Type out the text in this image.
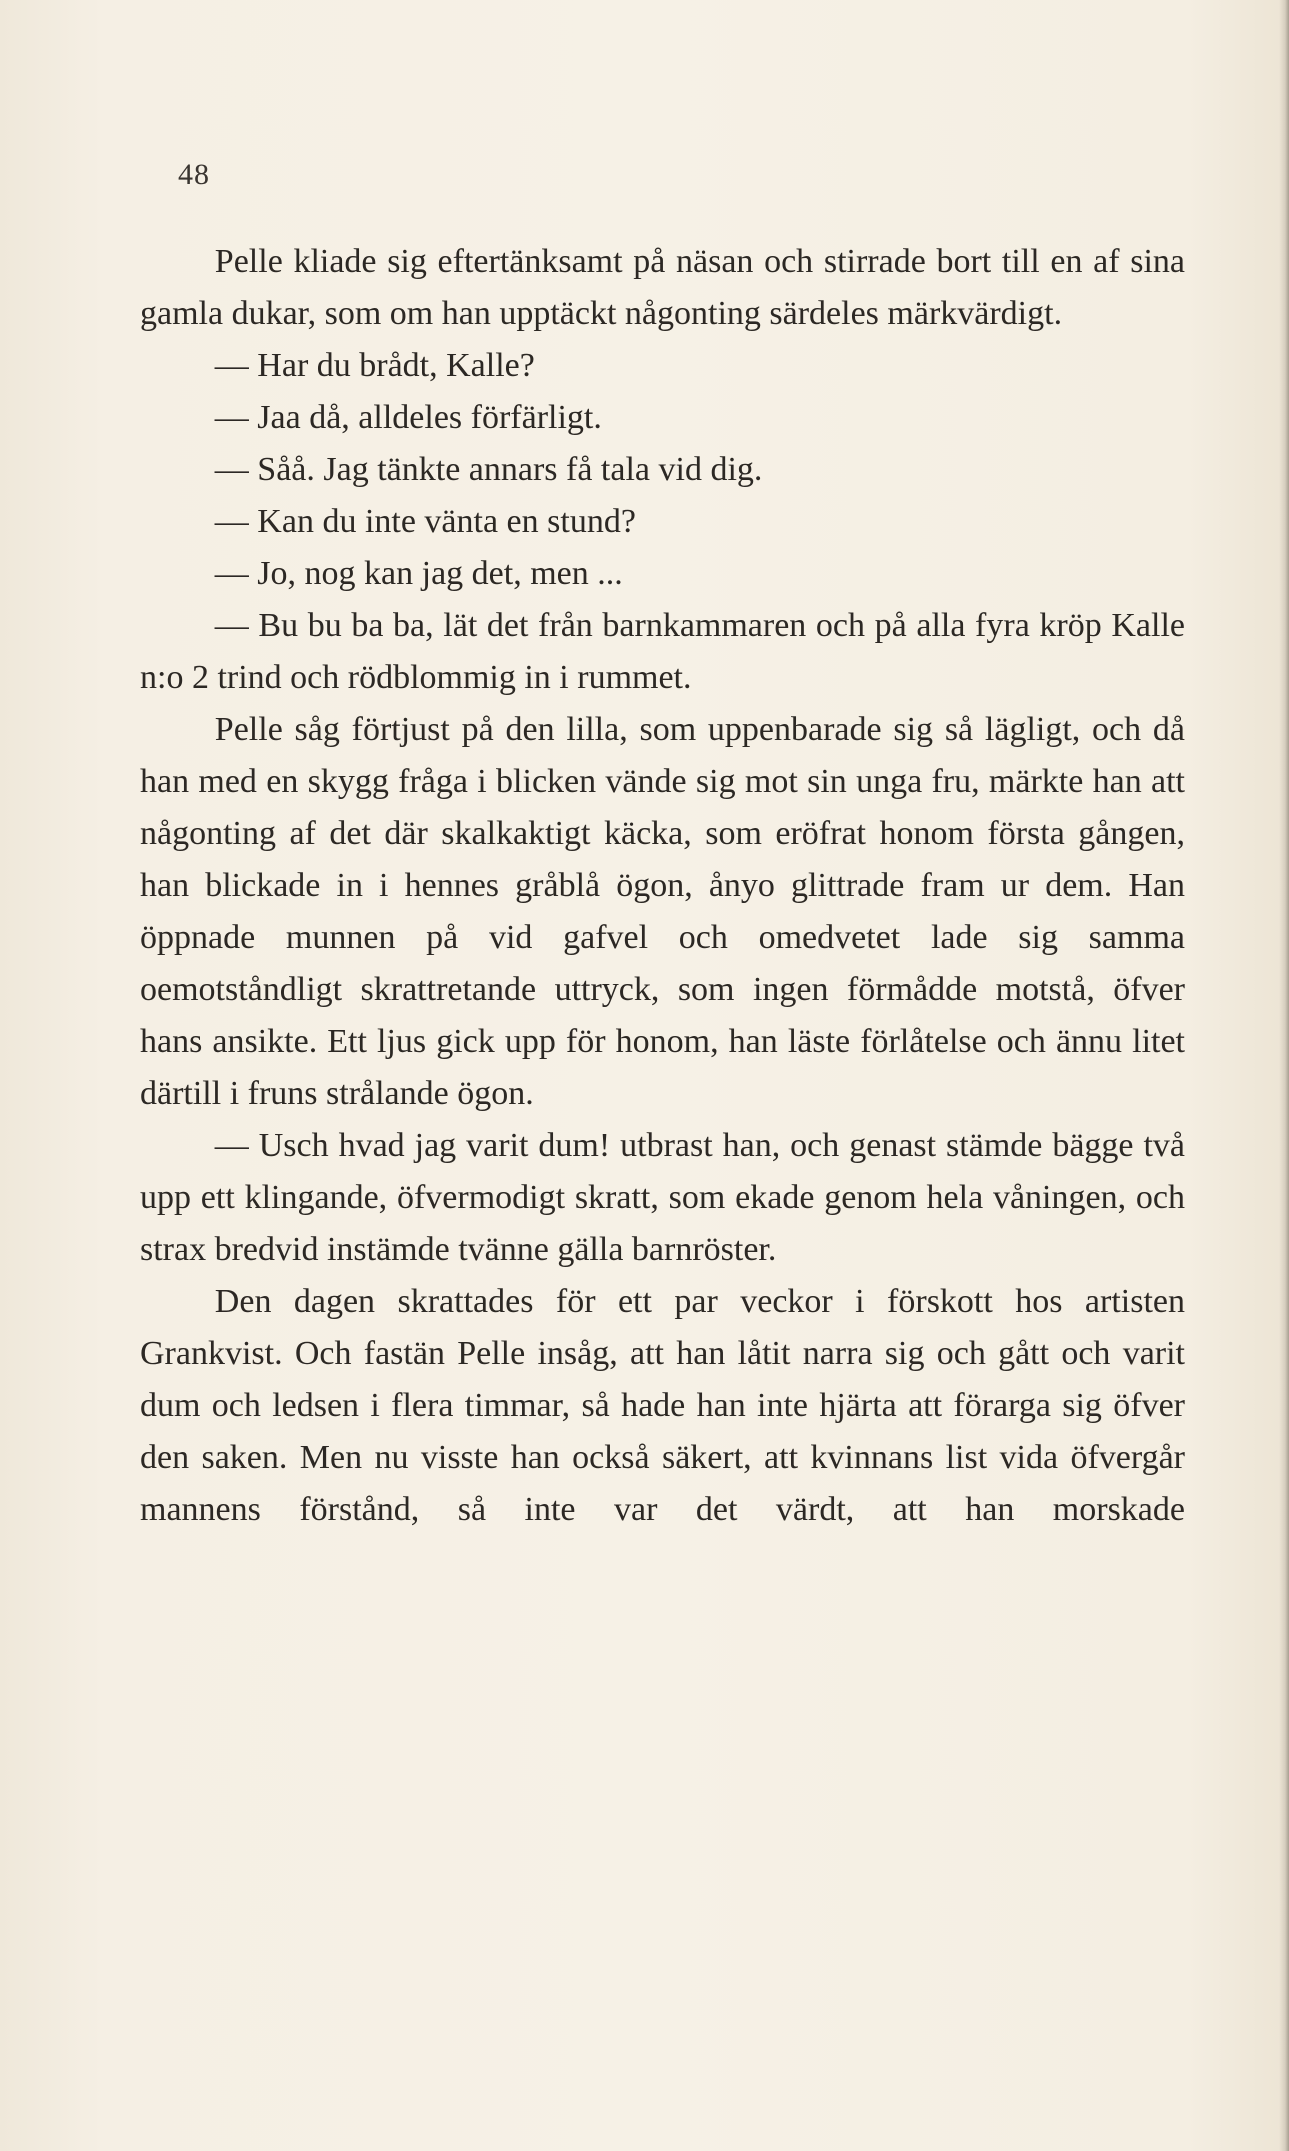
48

Pelle kliade sig eftertänksamt på näsan och stirrade bort till en af sina gamla dukar, som om han upptäckt någonting särdeles märkvärdigt.

— Har du brådt, Kalle?

— Jaa då, alldeles förfärligt.

— Såå. Jag tänkte annars få tala vid dig.

— Kan du inte vänta en stund?

— Jo, nog kan jag det, men ...

— Bu bu ba ba, lät det från barnkammaren och på alla fyra kröp Kalle n:o 2 trind och rödblommig in i rummet.

Pelle såg förtjust på den lilla, som uppenbarade sig så lägligt, och då han med en skygg fråga i blicken vände sig mot sin unga fru, märkte han att någonting af det där skalkaktigt käcka, som eröfrat honom första gången, han blickade in i hennes gråblå ögon, ånyo glittrade fram ur dem. Han öppnade munnen på vid gafvel och omedvetet lade sig samma oemotståndligt skrattretande uttryck, som ingen förmådde motstå, öfver hans ansikte. Ett ljus gick upp för honom, han läste förlåtelse och ännu litet därtill i fruns strålande ögon.

— Usch hvad jag varit dum! utbrast han, och genast stämde bägge två upp ett klingande, öfvermodigt skratt, som ekade genom hela våningen, och strax bredvid instämde tvänne gälla barnröster.

Den dagen skrattades för ett par veckor i förskott hos artisten Grankvist. Och fastän Pelle insåg, att han låtit narra sig och gått och varit dum och ledsen i flera timmar, så hade han inte hjärta att förarga sig öfver den saken. Men nu visste han också säkert, att kvinnans list vida öfvergår mannens förstånd, så inte var det värdt, att han morskade
